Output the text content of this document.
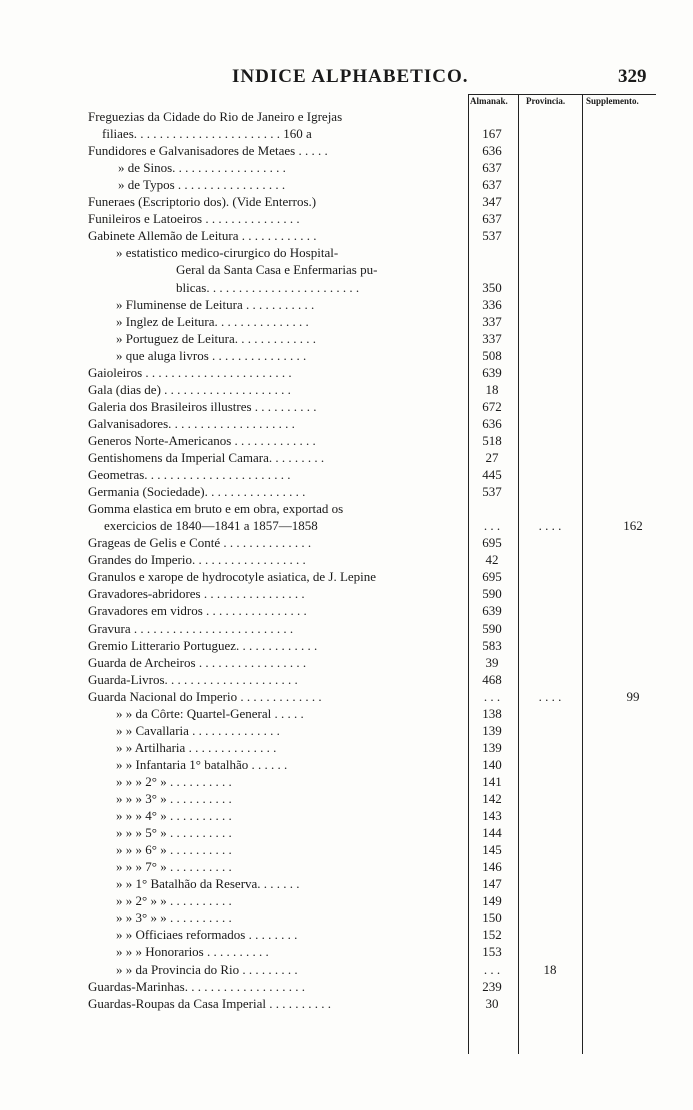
INDICE ALPHABETICO.	329
Almanak. Provincia. Supplemento.
Freguezias da Cidade do Rio de Janeiro e Igrejas
filiaes. . . . . . . . . . . . . . . . . . . . . . . 160 a	167
Fundidores e Galvanisadores de Metaes . . . . .	636
» de Sinos. . . . . . . . . . . . . . . . . .	637
» de Typos . . . . . . . . . . . . . . . . .	637
Funeraes (Escriptorio dos). (Vide Enterros.)	347
Funileiros e Latoeiros . . . . . . . . . . . . . . .	637
Gabinete Allemão de Leitura . . . . . . . . . . . .	537
» estatistico medico-cirurgico do Hospital-
Geral da Santa Casa e Enfermarias pu-
blicas. . . . . . . . . . . . . . . . . . . . . . . .	350
» Fluminense de Leitura . . . . . . . . . . .	336
» Inglez de Leitura. . . . . . . . . . . . . . .	337
» Portuguez de Leitura. . . . . . . . . . . . .	337
» que aluga livros . . . . . . . . . . . . . . .	508
Gaioleiros . . . . . . . . . . . . . . . . . . . . . . .	639
Gala (dias de) . . . . . . . . . . . . . . . . . . . .	18
Galeria dos Brasileiros illustres . . . . . . . . . .	672
Galvanisadores. . . . . . . . . . . . . . . . . . . .	636
Generos Norte-Americanos . . . . . . . . . . . . .	518
Gentishomens da Imperial Camara. . . . . . . . .	27
Geometras. . . . . . . . . . . . . . . . . . . . . . .	445
Germania (Sociedade). . . . . . . . . . . . . . . .	537
Gomma elastica em bruto e em obra, exportad os
exercicios de 1840—1841 a 1857—1858	. . .	. . . .	162
Grageas de Gelis e Conté . . . . . . . . . . . . . .	695
Grandes do Imperio. . . . . . . . . . . . . . . . . .	42
Granulos e xarope de hydrocotyle asiatica, de J. Lepine	695
Gravadores-abridores . . . . . . . . . . . . . . . .	590
Gravadores em vidros . . . . . . . . . . . . . . . .	639
Gravura . . . . . . . . . . . . . . . . . . . . . . . . .	590
Gremio Litterario Portuguez. . . . . . . . . . . . .	583
Guarda de Archeiros . . . . . . . . . . . . . . . . .	39
Guarda-Livros. . . . . . . . . . . . . . . . . . . . .	468
Guarda Nacional do Imperio . . . . . . . . . . . . .	. . .	. . . .	99
» » da Côrte: Quartel-General . . . . .	138
» » Cavallaria . . . . . . . . . . . . . .	139
» » Artilharia . . . . . . . . . . . . . .	139
» » Infantaria 1° batalhão . . . . . .	140
» » » 2° » . . . . . . . . . .	141
» » » 3° » . . . . . . . . . .	142
» » » 4° » . . . . . . . . . .	143
» » » 5° » . . . . . . . . . .	144
» » » 6° » . . . . . . . . . .	145
» » » 7° » . . . . . . . . . .	146
» » 1° Batalhão da Reserva. . . . . . .	147
» » 2° » » . . . . . . . . . .	149
» » 3° » » . . . . . . . . . .	150
» » Officiaes reformados . . . . . . . .	152
» » » Honorarios . . . . . . . . . .	153
» » da Provincia do Rio . . . . . . . . .	. . .	18
Guardas-Marinhas. . . . . . . . . . . . . . . . . . .	239
Guardas-Roupas da Casa Imperial . . . . . . . . . .	30
